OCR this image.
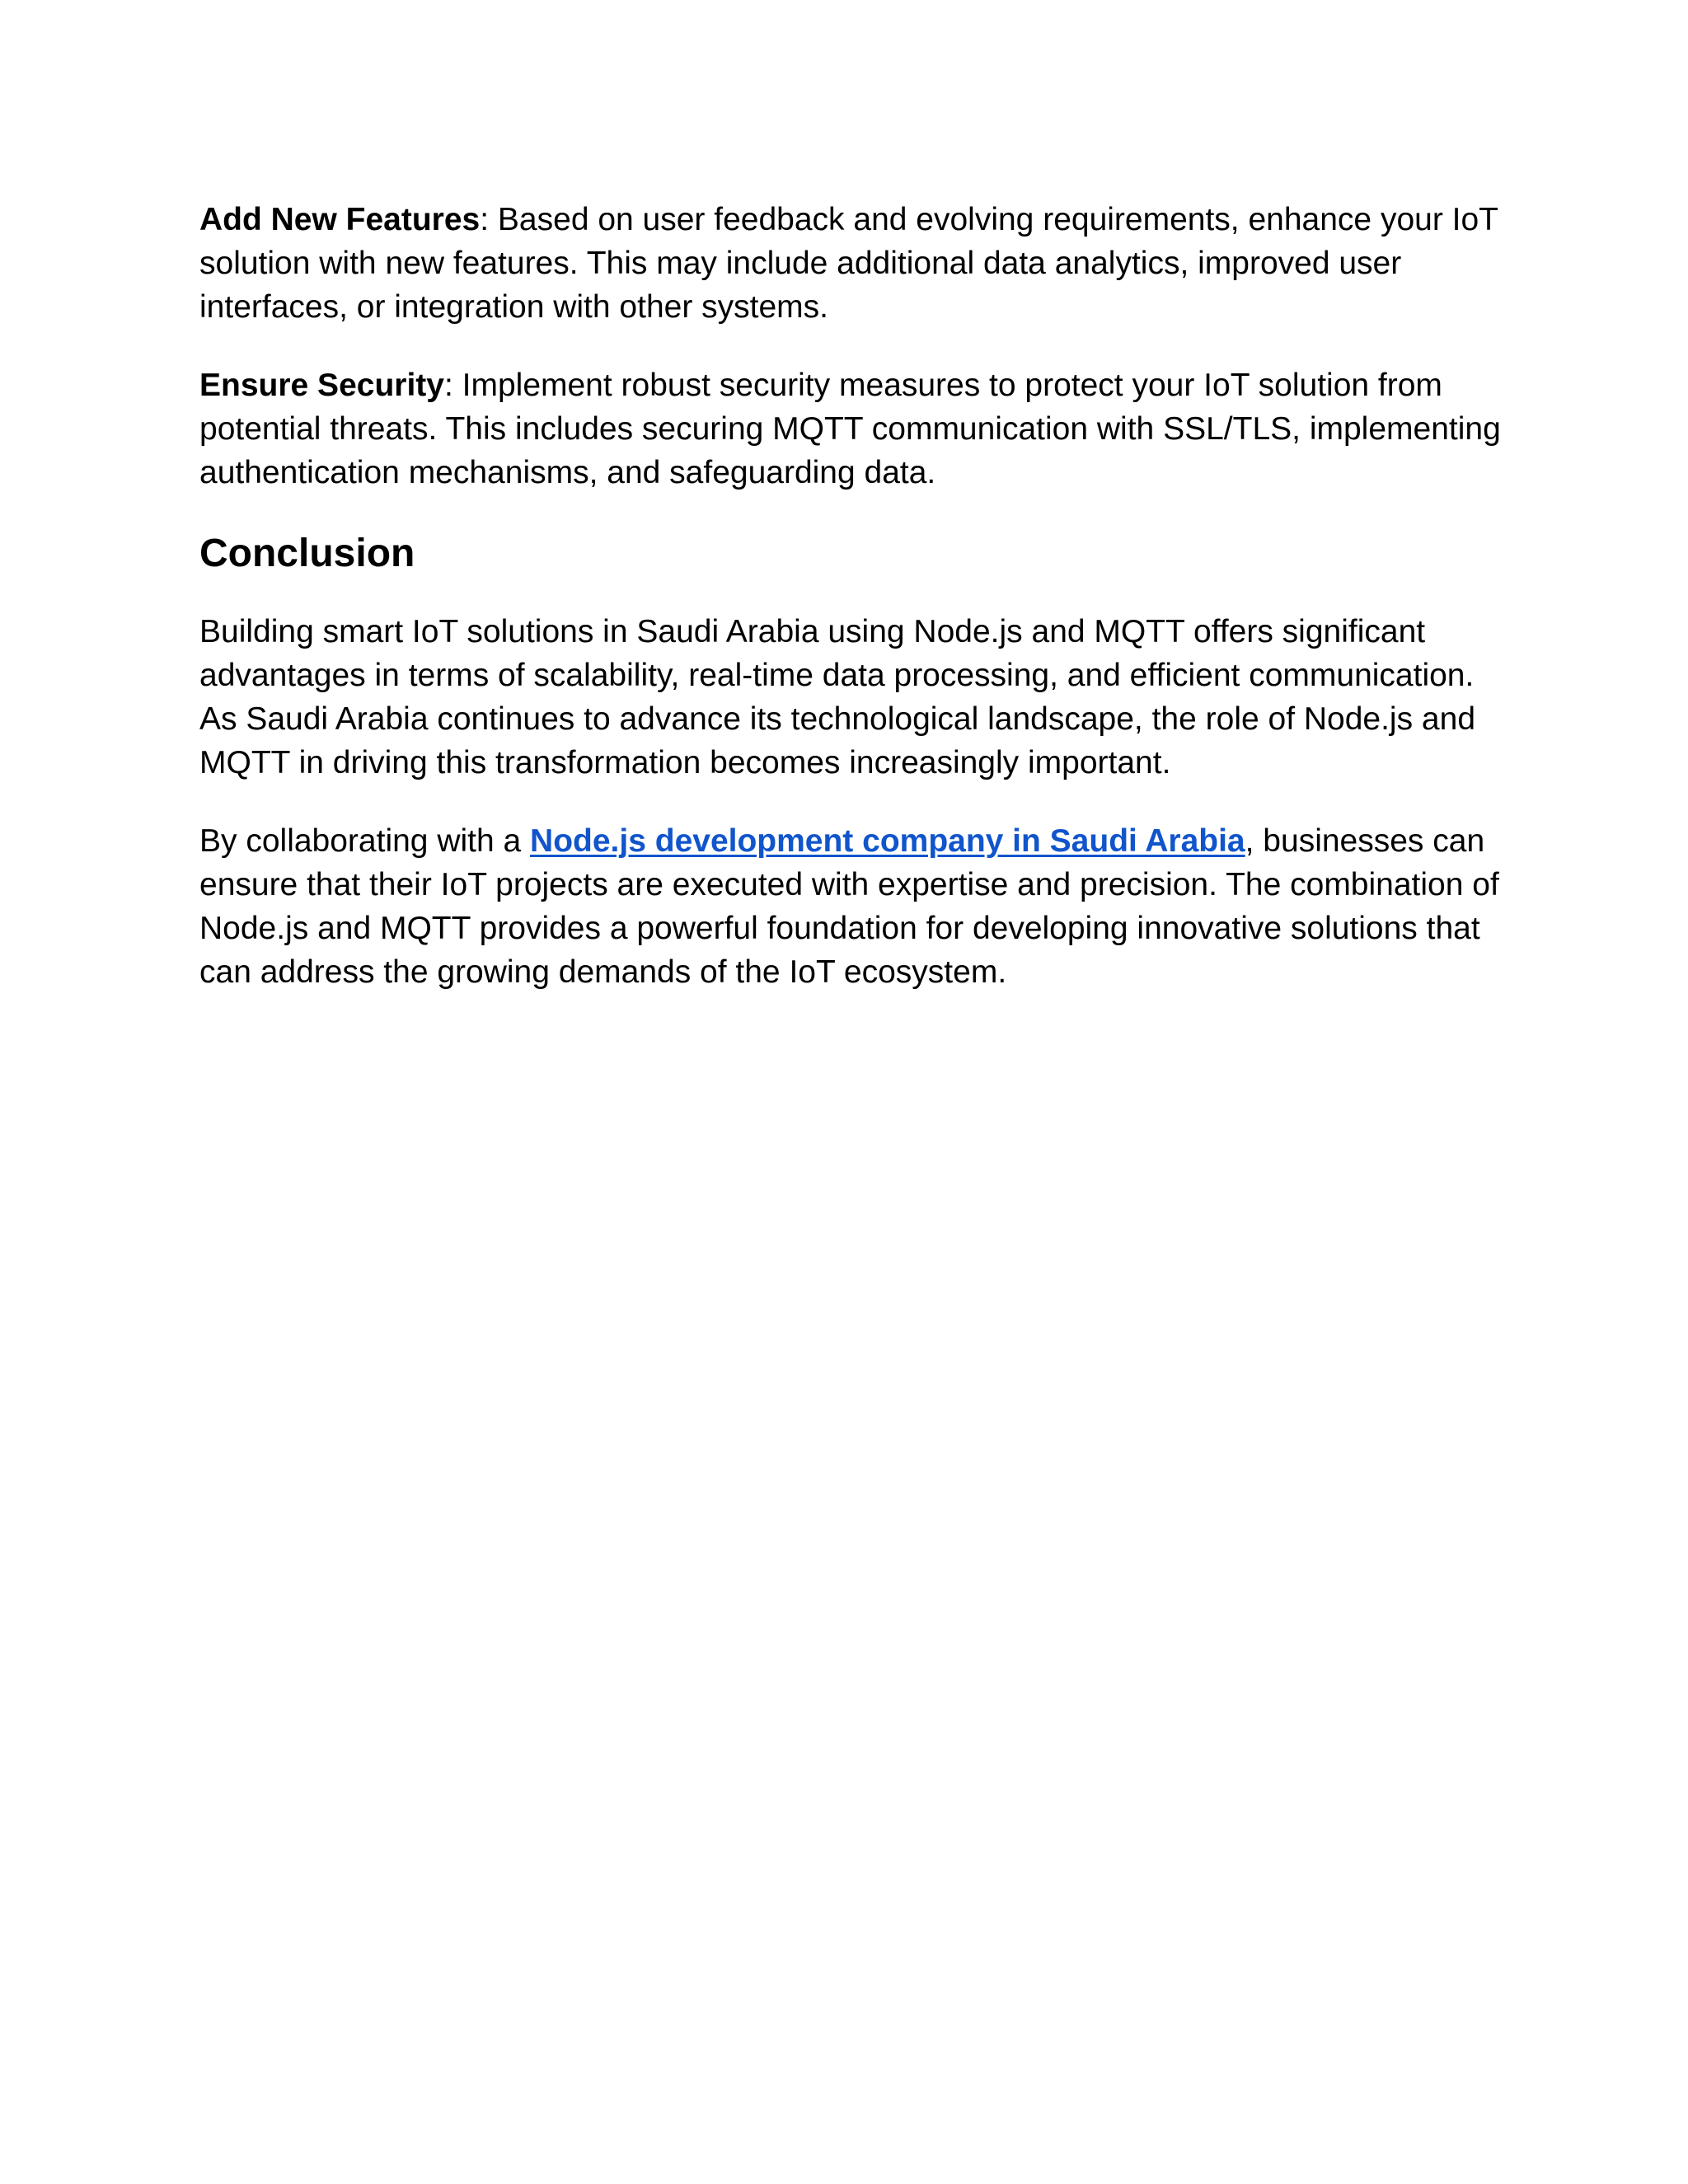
Add New Features: Based on user feedback and evolving requirements, enhance your IoT solution with new features. This may include additional data analytics, improved user interfaces, or integration with other systems.

Ensure Security: Implement robust security measures to protect your IoT solution from potential threats. This includes securing MQTT communication with SSL/TLS, implementing authentication mechanisms, and safeguarding data.

Conclusion

Building smart IoT solutions in Saudi Arabia using Node.js and MQTT offers significant advantages in terms of scalability, real-time data processing, and efficient communication. As Saudi Arabia continues to advance its technological landscape, the role of Node.js and MQTT in driving this transformation becomes increasingly important.

By collaborating with a Node.js development company in Saudi Arabia, businesses can ensure that their IoT projects are executed with expertise and precision. The combination of Node.js and MQTT provides a powerful foundation for developing innovative solutions that can address the growing demands of the IoT ecosystem.
